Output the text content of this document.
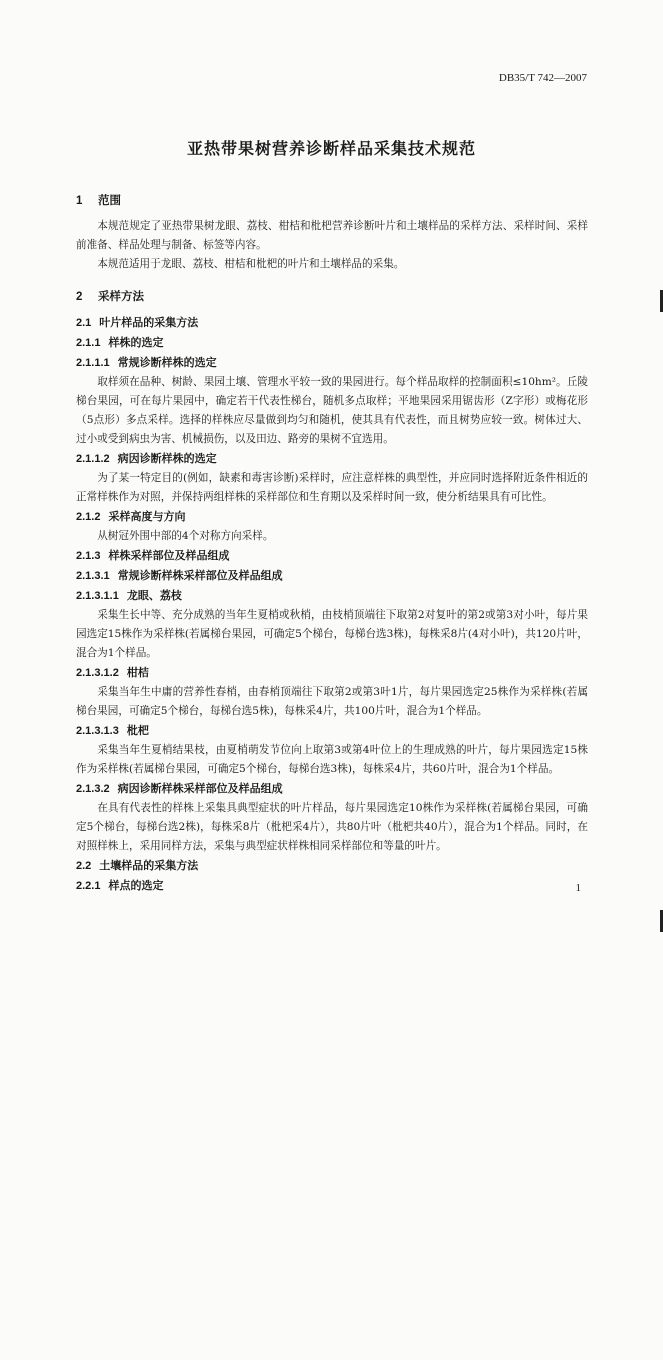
DB35/T 742—2007
亚热带果树营养诊断样品采集技术规范
1 范围

本规范规定了亚热带果树龙眼、荔枝、柑桔和枇杷营养诊断叶片和土壤样品的采样方法、采样时间、采样前准备、样品处理与制备、标签等内容。

本规范适用于龙眼、荔枝、柑桔和枇杷的叶片和土壤样品的采集。

2 采样方法
2.1 叶片样品的采集方法
2.1.1 样株的选定
2.1.1.1 常规诊断样株的选定

取样须在品种、树龄、果园土壤、管理水平较一致的果园进行。每个样品取样的控制面积≤10hm²。丘陵梯台果园，可在每片果园中，确定若干代表性梯台，随机多点取样；平地果园采用锯齿形（Z字形）或梅花形（5点形）多点采样。选择的样株应尽量做到均匀和随机，使其具有代表性，而且树势应较一致。树体过大、过小或受到病虫为害、机械损伤，以及田边、路旁的果树不宜选用。

2.1.1.2 病因诊断样株的选定

为了某一特定目的(例如，缺素和毒害诊断)采样时，应注意样株的典型性，并应同时选择附近条件相近的正常样株作为对照，并保持两组样株的采样部位和生育期以及采样时间一致，使分析结果具有可比性。

2.1.2 采样高度与方向

从树冠外围中部的4个对称方向采样。

2.1.3 样株采样部位及样品组成
2.1.3.1 常规诊断样株采样部位及样品组成
2.1.3.1.1 龙眼、荔枝

采集生长中等、充分成熟的当年生夏梢或秋梢，由枝梢顶端往下取第2对复叶的第2或第3对小叶，每片果园选定15株作为采样株(若属梯台果园，可确定5个梯台，每梯台选3株)，每株采8片(4对小叶)，共120片叶，混合为1个样品。

2.1.3.1.2 柑桔

采集当年生中庸的营养性春梢，由春梢顶端往下取第2或第3叶1片，每片果园选定25株作为采样株(若属梯台果园，可确定5个梯台，每梯台选5株)，每株采4片，共100片叶，混合为1个样品。

2.1.3.1.3 枇杷

采集当年生夏梢结果枝，由夏梢萌发节位向上取第3或第4叶位上的生理成熟的叶片，每片果园选定15株作为采样株(若属梯台果园，可确定5个梯台，每梯台选3株)，每株采4片，共60片叶，混合为1个样品。

2.1.3.2 病因诊断样株采样部位及样品组成

在具有代表性的样株上采集具典型症状的叶片样品，每片果园选定10株作为采样株(若属梯台果园，可确定5个梯台，每梯台选2株)，每株采8片（枇杷采4片），共80片叶（枇杷共40片），混合为1个样品。同时，在对照样株上，采用同样方法，采集与典型症状样株相同采样部位和等量的叶片。

2.2 土壤样品的采集方法
2.2.1 样点的选定	1
